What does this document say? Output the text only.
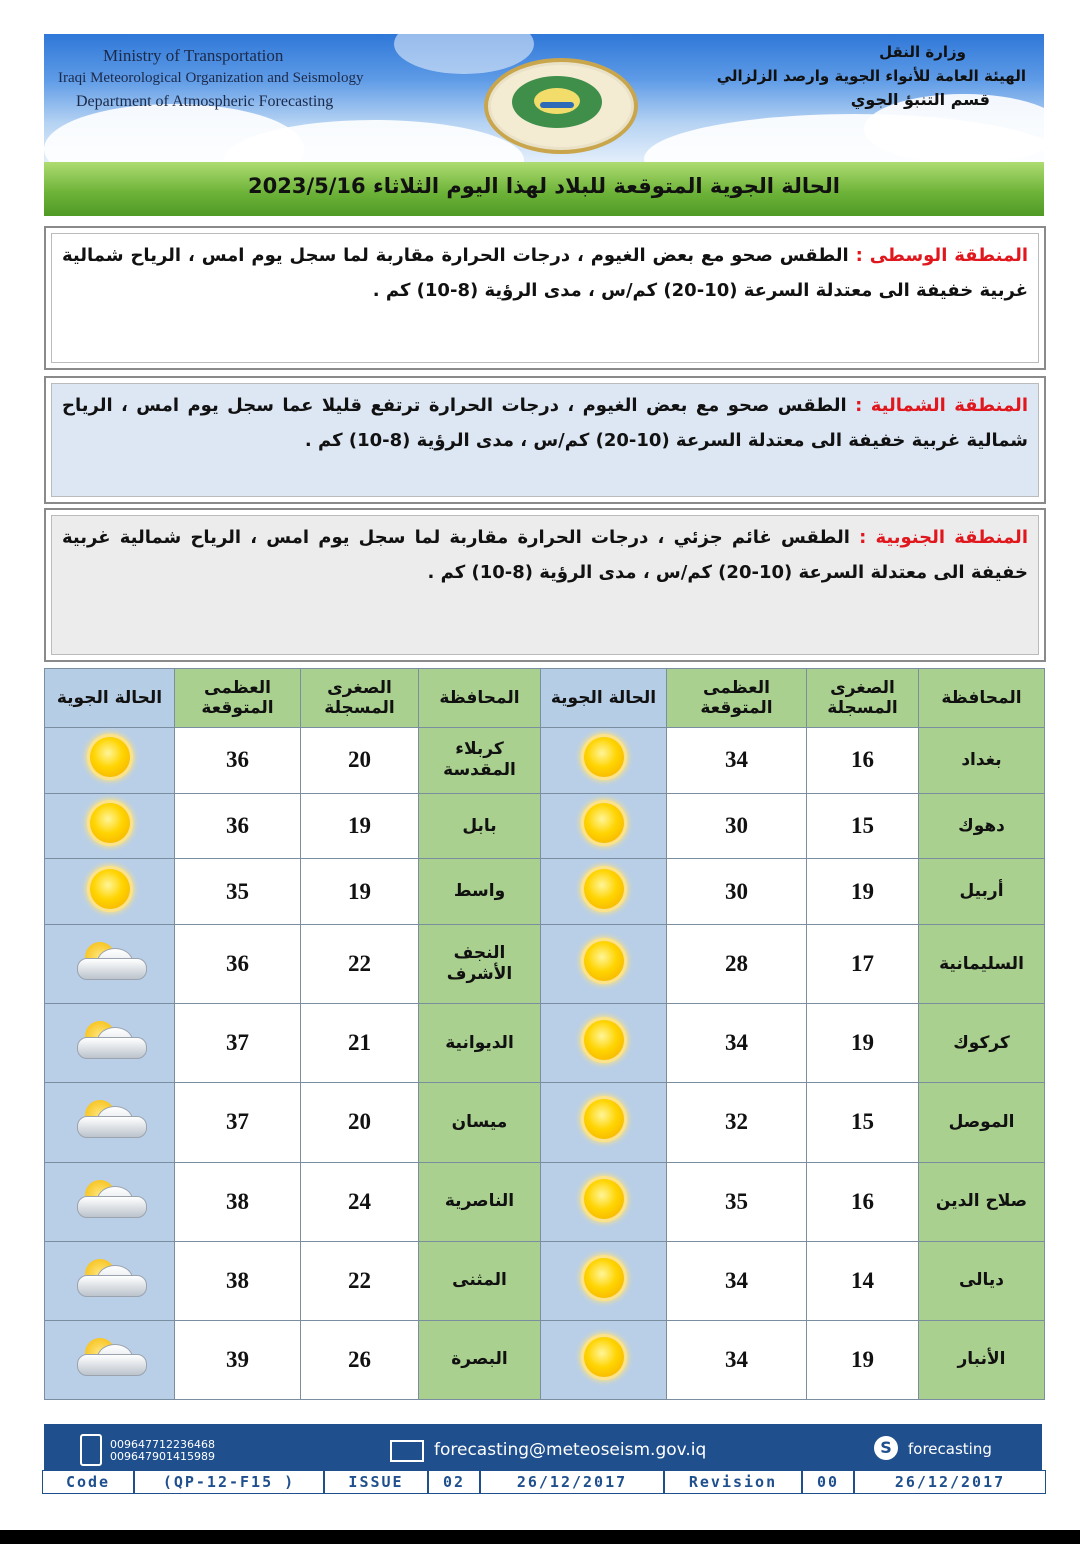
Ministry of Transportation
Iraqi Meteorological Organization and Seismology
Department of Atmospheric Forecasting
وزارة النقل
الهيئة العامة للأنواء الجوية وارصد الزلزالي
قسم التنبؤ الجوي
الحالة الجوية المتوقعة للبلاد لهذا اليوم الثلاثاء 2023/5/16
المنطقة الوسطى : الطقس صحو مع بعض الغيوم ، درجات الحرارة مقاربة لما سجل يوم امس ، الرياح شمالية غربية خفيفة الى معتدلة السرعة (10-20) كم/س ، مدى الرؤية (8-10) كم .
المنطقة الشمالية : الطقس صحو مع بعض الغيوم ، درجات الحرارة ترتفع قليلا عما سجل يوم امس ، الرياح شمالية غربية خفيفة الى معتدلة السرعة (10-20) كم/س ، مدى الرؤية (8-10) كم .
المنطقة الجنوبية : الطقس غائم جزئي ، درجات الحرارة مقاربة لما سجل يوم امس ، الرياح شمالية غربية خفيفة الى معتدلة السرعة (10-20) كم/س ، مدى الرؤية (8-10) كم .
المحافظة	الصغرى المسجلة	العظمى المتوقعة	الحالة الجوية	المحافظة	الصغرى المسجلة	العظمى المتوقعة	الحالة الجوية
بغداد	16	34		كربلاء المقدسة	20	36	
دهوك	15	30		بابل	19	36	
أربيل	19	30		واسط	19	35	
السليمانية	17	28		النجف الأشرف	22	36	

كركوك	19	34		الديوانية	21	37	

الموصل	15	32		ميسان	20	37	

صلاح الدين	16	35		الناصرية	24	38	

ديالى	14	34		المثنى	22	38	

الأنبار	19	34		البصرة	26	39	
009647712236468
009647901415989	forecasting@meteoseism.gov.iq	S	forecasting
Code	(QP-12-F15 )	ISSUE	02	26/12/2017	Revision	00	26/12/2017
